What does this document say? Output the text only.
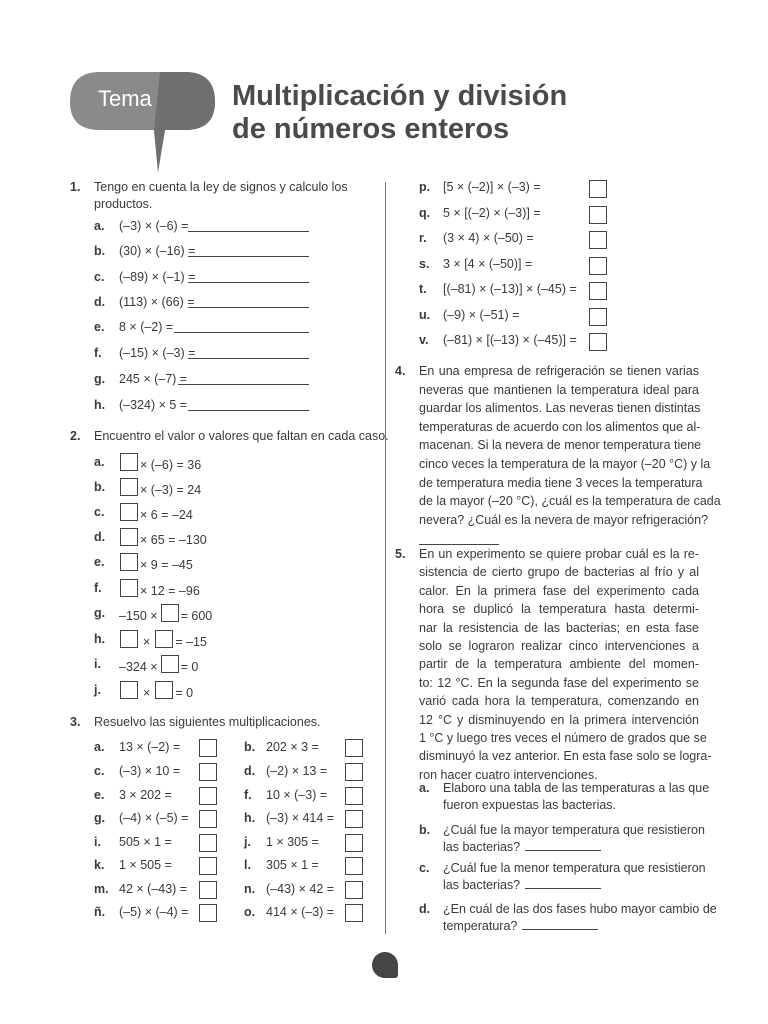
Tema	Multiplicación y división
de números enteros
1. Tengo en cuenta la ley de signos y calculo los
productos.
a. (–3) × (–6) =
b. (30) × (–16) =
c. (–89) × (–1) =
d. (113) × (66) =
e. 8 × (–2) =
f. (–15) × (–3) =
g. 245 × (–7) =
h. (–324) × 5 =
2. Encuentro el valor o valores que faltan en cada caso.
a.	× (–6) = 36
b.	× (–3) = 24
c.	× 6 = –24
d.	× 65 = –130
e.	× 9 = –45
f.	× 12 = –96
g. –150 × = 600
h.	× = –15
i. –324 × = 0
j.	× = 0
3. Resuelvo las siguientes multiplicaciones.
a. 13 × (–2) =
c. (–3) × 10 =
e. 3 × 202 =
g. (–4) × (–5) =
i. 505 × 1 =
k. 1 × 505 =
m. 42 × (–43) =
ñ. (–5) × (–4) =
b. 202 × 3 =
d. (–2) × 13 =
f. 10 × (–3) =
h. (–3) × 414 =
j. 1 × 305 =
l. 305 × 1 =
n. (–43) × 42 =
o. 414 × (–3) =
p. [5 × (–2)] × (–3) =
q. 5 × [(–2) × (–3)] =
r. (3 × 4) × (–50) =
s. 3 × [4 × (–50)] =
t. [(–81) × (–13)] × (–45) =
u. (–9) × (–51) =
v. (–81) × [(–13) × (–45)] =
4. En una empresa de refrigeración se tienen varias
neveras que mantienen la temperatura ideal para
guardar los alimentos. Las neveras tienen distintas
temperaturas de acuerdo con los alimentos que al-
macenan. Si la nevera de menor temperatura tiene
cinco veces la temperatura de la mayor (–20 °C) y la
de temperatura media tiene 3 veces la temperatura
de la mayor (–20 °C), ¿cuál es la temperatura de cada
nevera? ¿Cuál es la nevera de mayor refrigeración?
5. En un experimento se quiere probar cuál es la re-
sistencia de cierto grupo de bacterias al frío y al
calor. En la primera fase del experimento cada
hora se duplicó la temperatura hasta determi-
nar la resistencia de las bacterias; en esta fase
solo se lograron realizar cinco intervenciones a
partir de la temperatura ambiente del momen-
to: 12 °C. En la segunda fase del experimento se
varió cada hora la temperatura, comenzando en
12 °C y disminuyendo en la primera intervención
1 °C y luego tres veces el número de grados que se
disminuyó la vez anterior. En esta fase solo se logra-
ron hacer cuatro intervenciones.
a. Elaboro una tabla de las temperaturas a las que
fueron expuestas las bacterias.
b. ¿Cuál fue la mayor temperatura que resistieron
las bacterias?
c. ¿Cuál fue la menor temperatura que resistieron
las bacterias?
d. ¿En cuál de las dos fases hubo mayor cambio de
temperatura?
